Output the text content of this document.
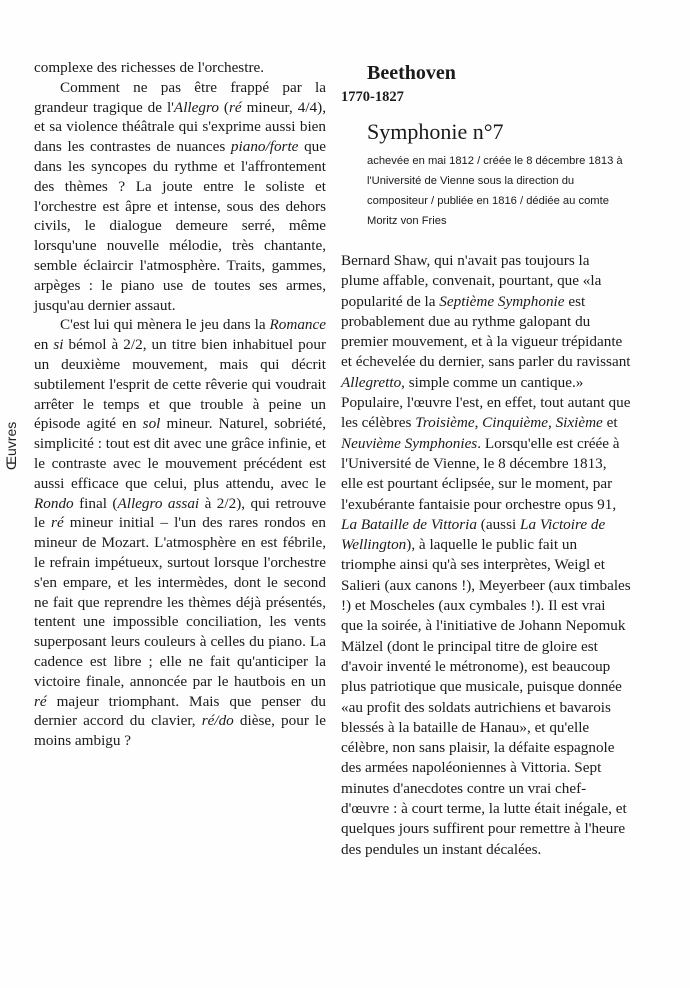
Œuvres

complexe des richesses de l'orchestre.

Comment ne pas être frappé par la grandeur tragique de l'Allegro (ré mineur, 4/4), et sa violence théâtrale qui s'exprime aussi bien dans les contrastes de nuances piano/forte que dans les syncopes du rythme et l'affrontement des thèmes ? La joute entre le soliste et l'orchestre est âpre et intense, sous des dehors civils, le dialogue demeure serré, même lorsqu'une nouvelle mélodie, très chantante, semble éclaircir l'atmosphère. Traits, gammes, arpèges : le piano use de toutes ses armes, jusqu'au dernier assaut.

C'est lui qui mènera le jeu dans la Romance en si bémol à 2/2, un titre bien inhabituel pour un deuxième mouvement, mais qui décrit subtilement l'esprit de cette rêverie qui voudrait arrêter le temps et que trouble à peine un épisode agité en sol mineur. Naturel, sobriété, simplicité : tout est dit avec une grâce infinie, et le contraste avec le mouvement précédent est aussi efficace que celui, plus attendu, avec le Rondo final (Allegro assai à 2/2), qui retrouve le ré mineur initial – l'un des rares rondos en mineur de Mozart. L'atmosphère en est fébrile, le refrain impétueux, surtout lorsque l'orchestre s'en empare, et les intermèdes, dont le second ne fait que reprendre les thèmes déjà présentés, tentent une impossible conciliation, les vents superposant leurs couleurs à celles du piano. La cadence est libre ; elle ne fait qu'anticiper la victoire finale, annoncée par le hautbois en un ré majeur triomphant. Mais que penser du dernier accord du clavier, ré/do dièse, pour le moins ambigu ?

Beethoven
1770-1827
Symphonie n°7
achevée en mai 1812 / créée le 8 décembre 1813 à l'Université de Vienne sous la direction du compositeur / publiée en 1816 / dédiée au comte Moritz von Fries

Bernard Shaw, qui n'avait pas toujours la plume affable, convenait, pourtant, que «la popularité de la Septième Symphonie est probablement due au rythme galopant du premier mouvement, et à la vigueur trépidante et échevelée du dernier, sans parler du ravissant Allegretto, simple comme un cantique.» Populaire, l'œuvre l'est, en effet, tout autant que les célèbres Troisième, Cinquième, Sixième et Neuvième Symphonies. Lorsqu'elle est créée à l'Université de Vienne, le 8 décembre 1813, elle est pourtant éclipsée, sur le moment, par l'exubérante fantaisie pour orchestre opus 91, La Bataille de Vittoria (aussi La Victoire de Wellington), à laquelle le public fait un triomphe ainsi qu'à ses interprètes, Weigl et Salieri (aux canons !), Meyerbeer (aux timbales !) et Moscheles (aux cymbales !). Il est vrai que la soirée, à l'initiative de Johann Nepomuk Mälzel (dont le principal titre de gloire est d'avoir inventé le métronome), est beaucoup plus patriotique que musicale, puisque donnée «au profit des soldats autrichiens et bavarois blessés à la bataille de Hanau», et qu'elle célèbre, non sans plaisir, la défaite espagnole des armées napoléoniennes à Vittoria. Sept minutes d'anecdotes contre un vrai chef-d'œuvre : à court terme, la lutte était inégale, et quelques jours suffirent pour remettre à l'heure des pendules un instant décalées.
